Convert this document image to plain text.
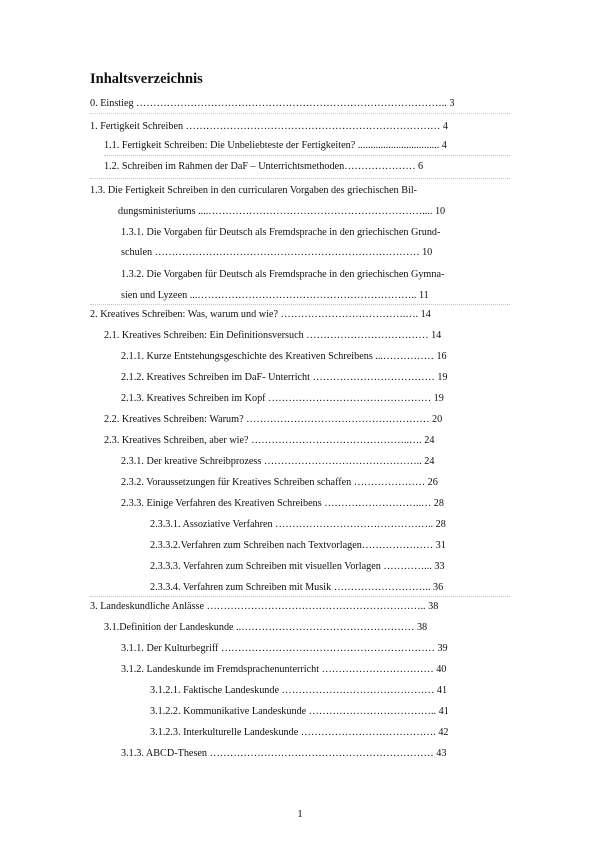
Inhaltsverzeichnis
0. Einstieg ……………………………………………………………………………….. 3
1. Fertigkeit Schreiben ………………………………………………………………… 4
1.1. Fertigkeit Schreiben: Die Unbeliebteste der Fertigkeiten? ................................ 4
1.2. Schreiben im Rahmen der DaF – Unterrichtsmethoden………………… 6
1.3. Die Fertigkeit Schreiben in den curricularen Vorgaben des griechischen Bil-
dungsministeriums ....……………………………………………………….... 10
1.3.1. Die Vorgaben für Deutsch als Fremdsprache in den griechischen Grund-
schulen …………………………………………………………………… 10
1.3.2. Die Vorgaben für Deutsch als Fremdsprache in den griechischen Gymna-
sien und Lyzeen ...……………………………………………………….. 11
2. Kreatives Schreiben: Was, warum und wie? ……………………………….…. 14
2.1. Kreatives Schreiben: Ein Definitionsversuch ……………………………… 14
2.1.1. Kurze Entstehungsgeschichte des Kreativen Schreibens ...…………… 16
2.1.2. Kreatives Schreiben im DaF- Unterricht ……………………………… 19
2.1.3. Kreatives Schreiben im Kopf ………………………………………… 19
2.2. Kreatives Schreiben: Warum? ……………………………………………… 20
2.3. Kreatives Schreiben, aber wie? ………………………………………..…. 24
2.3.1. Der kreative Schreibprozess ……………………………………….. 24
2.3.2. Voraussetzungen für Kreatives Schreiben schaffen ………………… 26
2.3.3. Einige Verfahren des Kreativen Schreibens ………………………..… 28
2.3.3.1. Assoziative Verfahren ……………………………………….. 28
2.3.3.2.Verfahren zum Schreiben nach Textvorlagen………………… 31
2.3.3.3. Verfahren zum Schreiben mit visuellen Vorlagen …………... 33
2.3.3.4. Verfahren zum Schreiben mit Musik ……………………….. 36
3. Landeskundliche Anlässe ……………………………………………………….. 38
3.1.Definition der Landeskunde ..…………………………………………… 38
3.1.1. Der Kulturbegriff ……………………………………………………… 39
3.1.2. Landeskunde im Fremdsprachenunterricht …………………………… 40
3.1.2.1. Faktische Landeskunde ……………………………………… 41
3.1.2.2. Kommunikative Landeskunde ……………………………….. 41
3.1.2.3. Interkulturelle Landeskunde …………………………………. 42
3.1.3. ABCD-Thesen ………………………………………………………… 43
1
